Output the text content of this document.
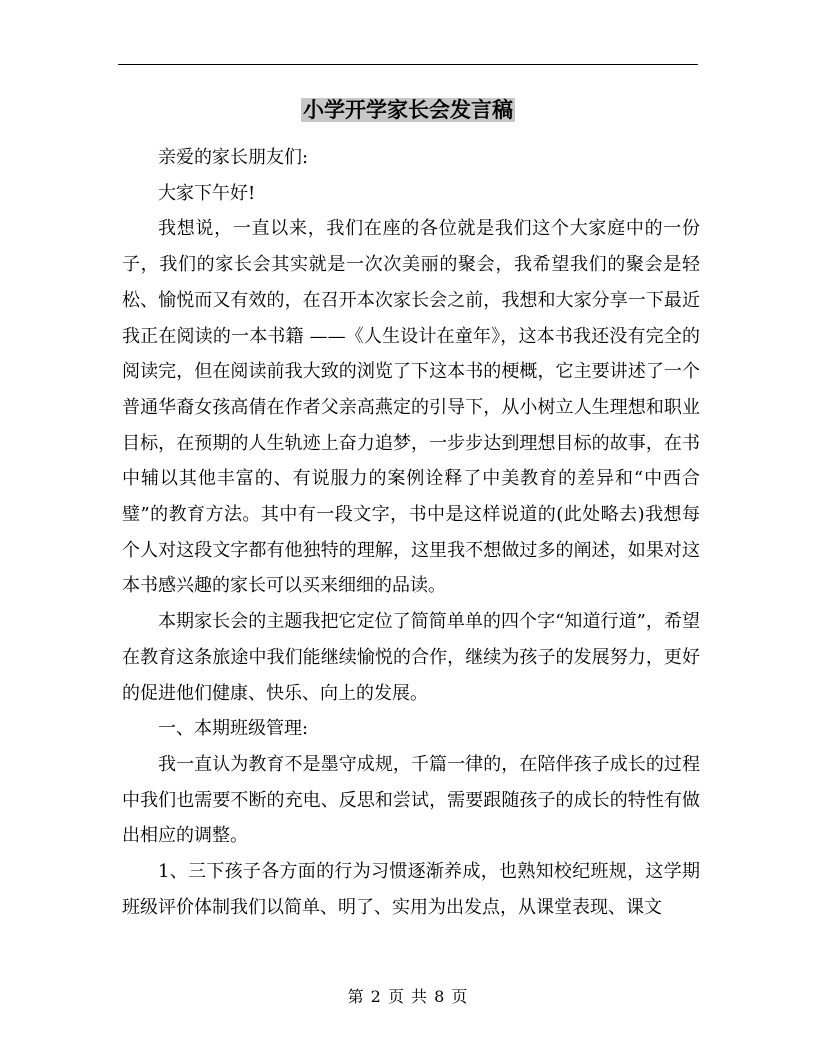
小学开学家长会发言稿

亲爱的家长朋友们:

大家下午好!

我想说，一直以来，我们在座的各位就是我们这个大家庭中的一份子，我们的家长会其实就是一次次美丽的聚会，我希望我们的聚会是轻松、愉悦而又有效的，在召开本次家长会之前，我想和大家分享一下最近我正在阅读的一本书籍 ——《人生设计在童年》，这本书我还没有完全的阅读完，但在阅读前我大致的浏览了下这本书的梗概，它主要讲述了一个普通华裔女孩高倩在作者父亲高燕定的引导下，从小树立人生理想和职业目标，在预期的人生轨迹上奋力追梦，一步步达到理想目标的故事，在书中辅以其他丰富的、有说服力的案例诠释了中美教育的差异和“中西合璧”的教育方法。其中有一段文字，书中是这样说道的(此处略去)我想每个人对这段文字都有他独特的理解，这里我不想做过多的阐述，如果对这本书感兴趣的家长可以买来细细的品读。

本期家长会的主题我把它定位了简简单单的四个字“知道行道”，希望在教育这条旅途中我们能继续愉悦的合作，继续为孩子的发展努力，更好的促进他们健康、快乐、向上的发展。

一、本期班级管理:

我一直认为教育不是墨守成规，千篇一律的，在陪伴孩子成长的过程中我们也需要不断的充电、反思和尝试，需要跟随孩子的成长的特性有做出相应的调整。

1、三下孩子各方面的行为习惯逐渐养成，也熟知校纪班规，这学期班级评价体制我们以简单、明了、实用为出发点，从课堂表现、课文

第 2 页 共 8 页
